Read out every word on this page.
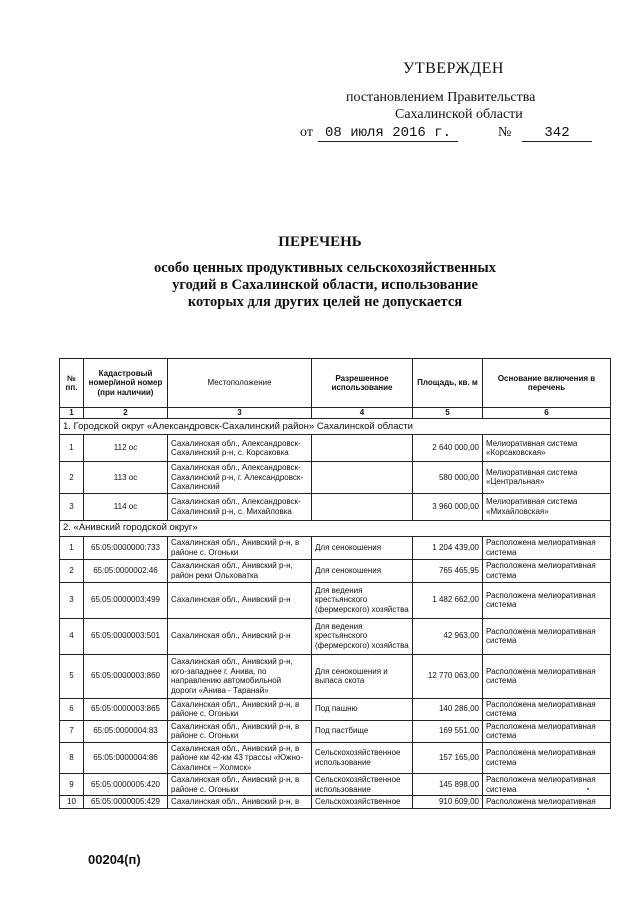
УТВЕРЖДЕН
постановлением Правительства
Сахалинской области
от 08 июля 2016 г.	№	342
ПЕРЕЧЕНЬ
особо ценных продуктивных сельскохозяйственных
угодий в Сахалинской области, использование
которых для других целей не допускается
№ пп.	Кадастровый номер/иной номер (при наличии)	Местоположение	Разрешенное использование	Площадь, кв. м	Основание включения в перечень
1	2	3	4	5	6
1. Городской округ «Александровск-Сахалинский район» Сахалинской области					
1	112 ос	Сахалинская обл., Александровск-Сахалинский р-н, с. Корсаковка		2 640 000,00	Мелиоративная система «Корсаковская»
2	113 ос	Сахалинская обл., Александровск-Сахалинский р-н, г. Александровск-Сахалинский		580 000,00	Мелиоративная система «Центральная»
3	114 ос	Сахалинская обл., Александровск-Сахалинский р-н, с. Михайловка		3 960 000,00	Мелиоративная система «Михайловская»
2. «Анивский городской округ»					
1	65:05:0000000:733	Сахалинская обл., Анивский р-н, в районе с. Огоньки	Для сенокошения	1 204 439,00	Расположена мелиоративная система
2	65:05:0000002:46	Сахалинская обл., Анивский р-н, район реки Ольховатка	Для сенокошения	765 465,95	Расположена мелиоративная система
3	65:05:0000003:499	Сахалинская обл., Анивский р-н	Для ведения крестьянского (фермерского) хозяйства	1 482 662,00	Расположена мелиоративная система
4	65:05:0000003:501	Сахалинская обл., Анивский р-н	Для ведения крестьянского (фермерского) хозяйства	42 963,00	Расположена мелиоративная система
5	65:05:0000003:860	Сахалинская обл., Анивский р-н, юго-западнее г. Анива, по направлению автомобильной дороги «Анива - Таранай»	Для сенокошения и выпаса скота	12 770 063,00	Расположена мелиоративная система
6	65:05:0000003:865	Сахалинская обл., Анивский р-н, в районе с. Огоньки	Под пашню	140 286,00	Расположена мелиоративная система
7	65:05:0000004:83	Сахалинская обл., Анивский р-н, в районе с. Огоньки	Под пастбище	169 551,00	Расположена мелиоративная система
8	65:05:0000004:86	Сахалинская обл., Анивский р-н, в районе км 42-км 43 трассы «Южно-Сахалинск – Холмск»	Сельскохозяйственное использование	157 165,00	Расположена мелиоративная система
9	65:05:0000005:420	Сахалинская обл., Анивский р-н, в районе с. Огоньки	Сельскохозяйственное использование	145 898,00	Расположена мелиоративная система
10	65:05:0000005:429	Сахалинская обл., Анивский р-н, в	Сельскохозяйственное	910 609,00	Расположена мелиоративная
00204(п)
